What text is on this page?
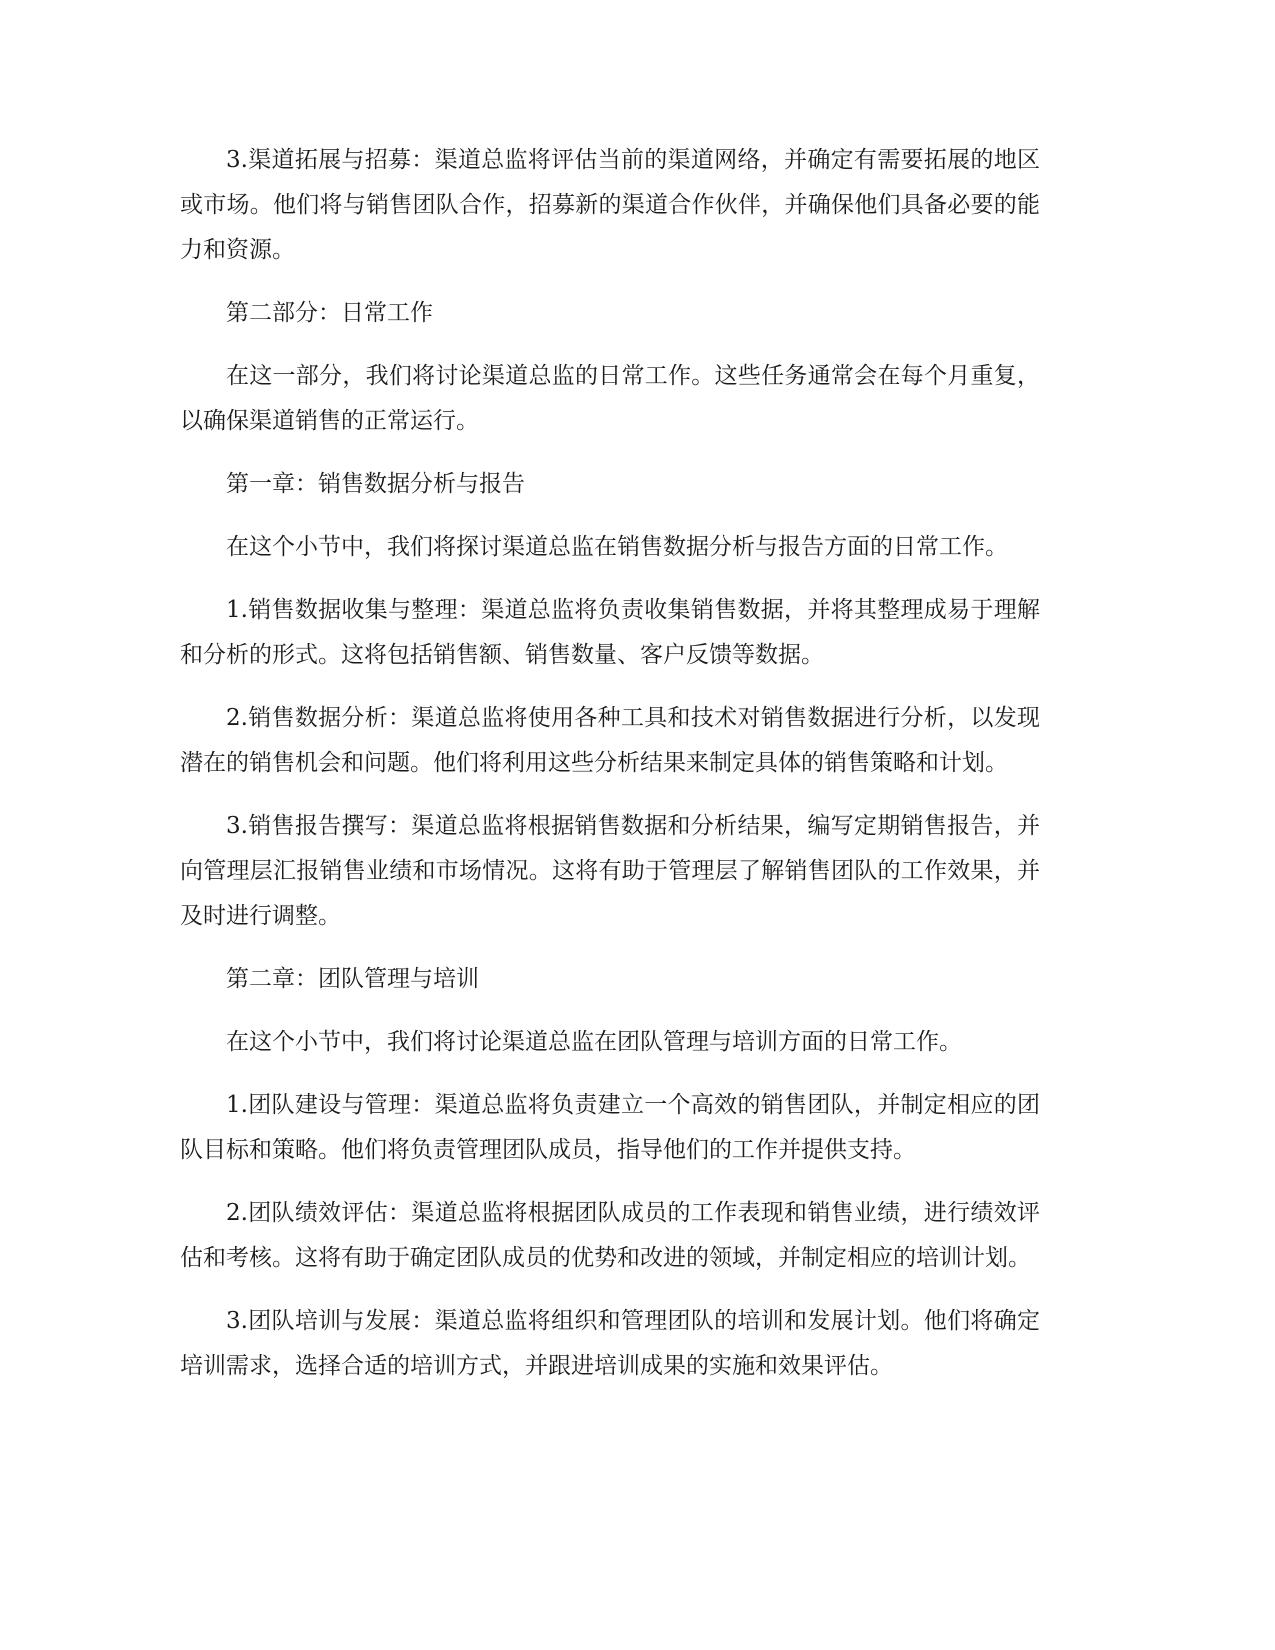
3.渠道拓展与招募：渠道总监将评估当前的渠道网络，并确定有需要拓展的地区或市场。他们将与销售团队合作，招募新的渠道合作伙伴，并确保他们具备必要的能力和资源。

第二部分：日常工作

在这一部分，我们将讨论渠道总监的日常工作。这些任务通常会在每个月重复，以确保渠道销售的正常运行。

第一章：销售数据分析与报告

在这个小节中，我们将探讨渠道总监在销售数据分析与报告方面的日常工作。

1.销售数据收集与整理：渠道总监将负责收集销售数据，并将其整理成易于理解和分析的形式。这将包括销售额、销售数量、客户反馈等数据。

2.销售数据分析：渠道总监将使用各种工具和技术对销售数据进行分析，以发现潜在的销售机会和问题。他们将利用这些分析结果来制定具体的销售策略和计划。

3.销售报告撰写：渠道总监将根据销售数据和分析结果，编写定期销售报告，并向管理层汇报销售业绩和市场情况。这将有助于管理层了解销售团队的工作效果，并及时进行调整。

第二章：团队管理与培训

在这个小节中，我们将讨论渠道总监在团队管理与培训方面的日常工作。

1.团队建设与管理：渠道总监将负责建立一个高效的销售团队，并制定相应的团队目标和策略。他们将负责管理团队成员，指导他们的工作并提供支持。

2.团队绩效评估：渠道总监将根据团队成员的工作表现和销售业绩，进行绩效评估和考核。这将有助于确定团队成员的优势和改进的领域，并制定相应的培训计划。

3.团队培训与发展：渠道总监将组织和管理团队的培训和发展计划。他们将确定培训需求，选择合适的培训方式，并跟进培训成果的实施和效果评估。
